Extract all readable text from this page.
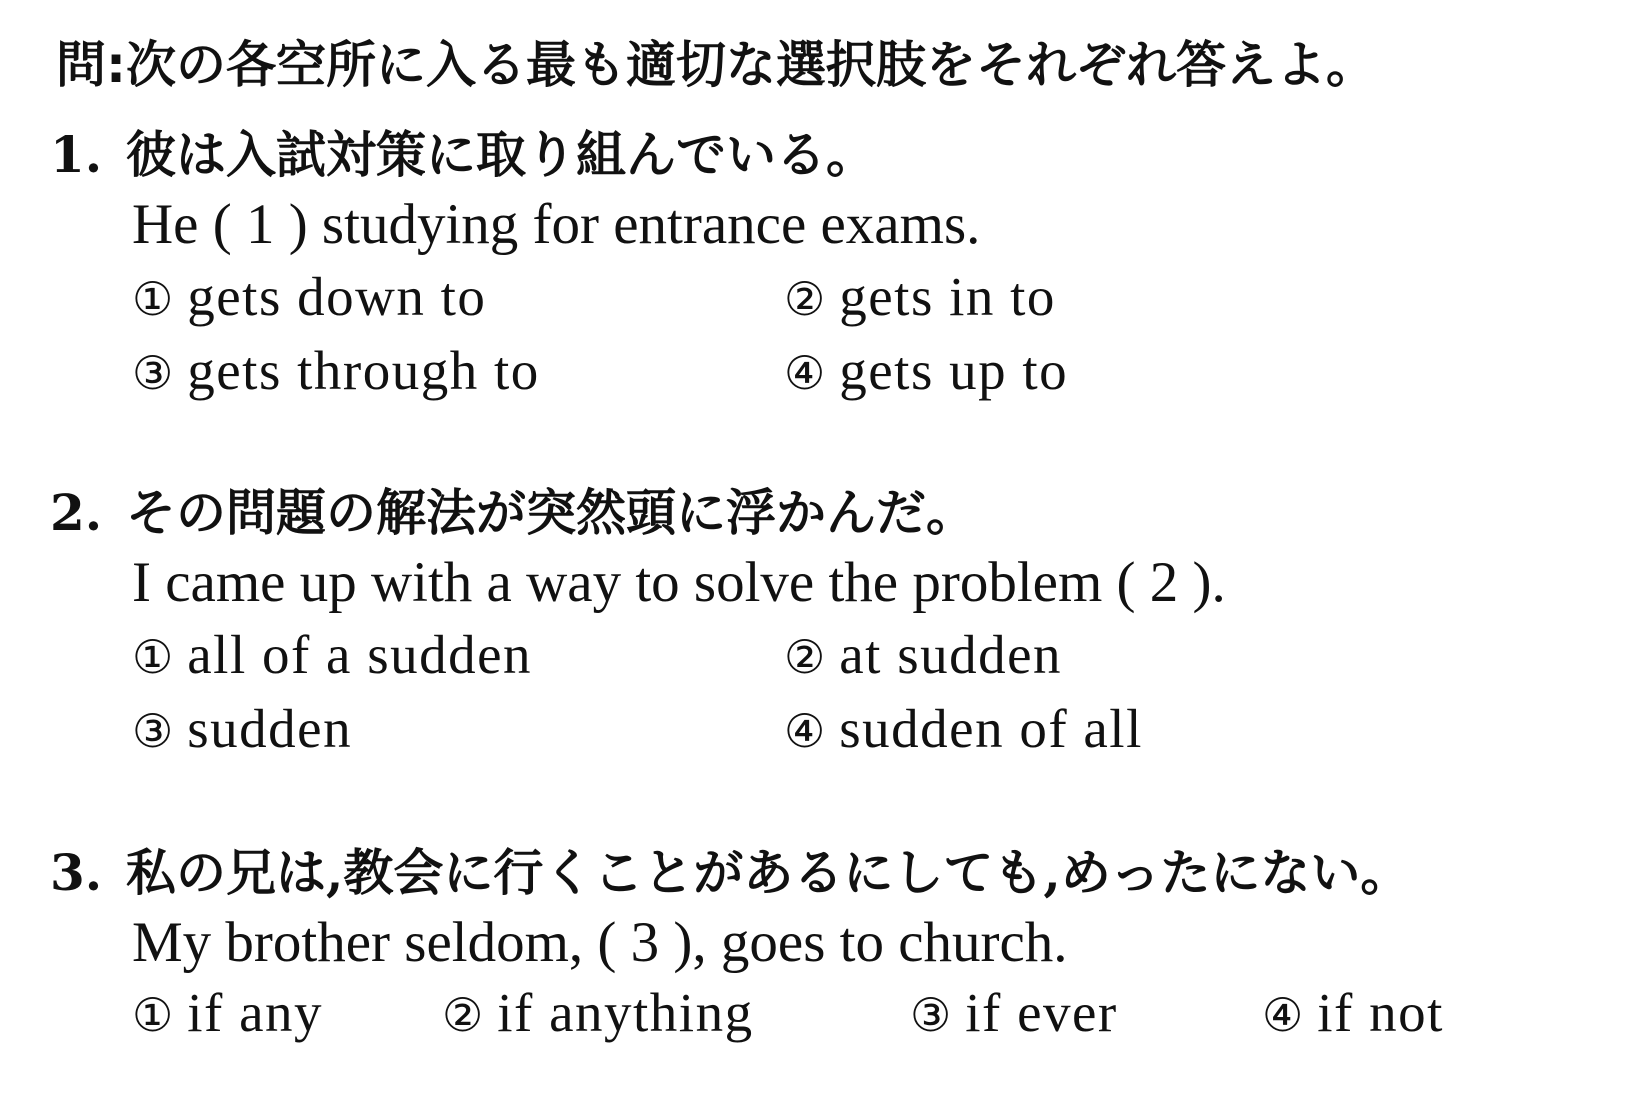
問:次の各空所に入る最も適切な選択肢をそれぞれ答えよ。
1. 彼は入試対策に取り組んでいる。
He ( 1 ) studying for entrance exams.
① gets down to	② gets in to
③ gets through to	④ gets up to
2. その問題の解法が突然頭に浮かんだ。
I came up with a way to solve the problem ( 2 ).
① all of a sudden	② at sudden
③ sudden	④ sudden of all
3. 私の兄は,教会に行くことがあるにしても,めったにない。
My brother seldom, ( 3 ), goes to church.
① if any	② if anything	③ if ever	④ if not
